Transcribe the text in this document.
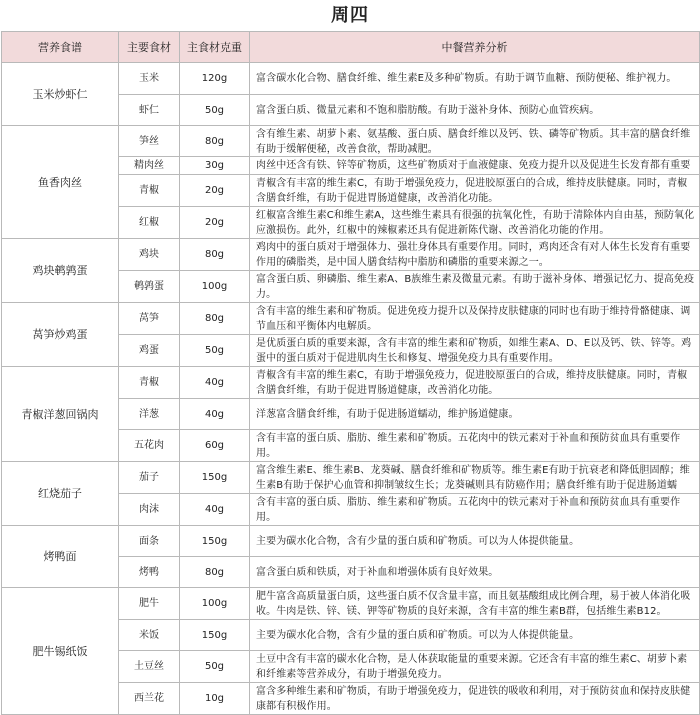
周四
营养食谱	主要食材	主食材克重	中餐营养分析
玉米炒虾仁	玉米	120g	富含碳水化合物、膳食纤维、维生素E及多种矿物质。有助于调节血糖、预防便秘、维护视力。

	虾仁	50g	富含蛋白质、微量元素和不饱和脂肪酸。有助于滋补身体、预防心血管疾病。

鱼香肉丝	笋丝	80g	含有维生素、胡萝卜素、氨基酸、蛋白质、膳食纤维以及钙、铁、磷等矿物质。其丰富的膳食纤维有助于缓解便秘，改善食欲，帮助减肥。

	精肉丝	30g	肉丝中还含有铁、锌等矿物质，这些矿物质对于血液健康、免疫力提升以及促进生长发育都有重要

	青椒	20g	青椒含有丰富的维生素C，有助于增强免疫力，促进胶原蛋白的合成，维持皮肤健康。同时，青椒含膳食纤维，有助于促进胃肠道健康，改善消化功能。

	红椒	20g	红椒富含维生素C和维生素A，这些维生素具有很强的抗氧化性，有助于清除体内自由基，预防氧化应激损伤。此外，红椒中的辣椒素还具有促进新陈代谢、改善消化功能的作用。

鸡块鹌鹑蛋	鸡块	80g	鸡肉中的蛋白质对于增强体力、强壮身体具有重要作用。同时，鸡肉还含有对人体生长发育有重要作用的磷脂类，是中国人膳食结构中脂肪和磷脂的重要来源之一。

	鹌鹑蛋	100g	富含蛋白质、卵磷脂、维生素A、B族维生素及微量元素。有助于滋补身体、增强记忆力、提高免疫力。

莴笋炒鸡蛋	莴笋	80g	含有丰富的维生素和矿物质。促进免疫力提升以及保持皮肤健康的同时也有助于维持骨骼健康、调节血压和平衡体内电解质。

	鸡蛋	50g	是优质蛋白质的重要来源，含有丰富的维生素和矿物质，如维生素A、D、E以及钙、铁、锌等。鸡蛋中的蛋白质对于促进肌肉生长和修复、增强免疫力具有重要作用。

青椒洋葱回锅肉	青椒	40g	青椒含有丰富的维生素C，有助于增强免疫力，促进胶原蛋白的合成，维持皮肤健康。同时，青椒含膳食纤维，有助于促进胃肠道健康，改善消化功能。

	洋葱	40g	洋葱富含膳食纤维，有助于促进肠道蠕动，维护肠道健康。

	五花肉	60g	含有丰富的蛋白质、脂肪、维生素和矿物质。五花肉中的铁元素对于补血和预防贫血具有重要作用。

红烧茄子	茄子	150g	富含维生素E、维生素B、龙葵碱、膳食纤维和矿物质等。维生素E有助于抗衰老和降低胆固醇；维生素B有助于保护心血管和抑制皱纹生长；龙葵碱则具有防癌作用；膳食纤维有助于促进肠道蠕

	肉沫	40g	含有丰富的蛋白质、脂肪、维生素和矿物质。五花肉中的铁元素对于补血和预防贫血具有重要作用。

烤鸭面	面条	150g	主要为碳水化合物，含有少量的蛋白质和矿物质。可以为人体提供能量。

	烤鸭	80g	富含蛋白质和铁质，对于补血和增强体质有良好效果。

肥牛锡纸饭	肥牛	100g	肥牛富含高质量蛋白质，这些蛋白质不仅含量丰富，而且氨基酸组成比例合理，易于被人体消化吸收。牛肉是铁、锌、镁、钾等矿物质的良好来源，含有丰富的维生素B群，包括维生素B12。

	米饭	150g	主要为碳水化合物，含有少量的蛋白质和矿物质。可以为人体提供能量。

	土豆丝	50g	土豆中含有丰富的碳水化合物，是人体获取能量的重要来源。它还含有丰富的维生素C、胡萝卜素和纤维素等营养成分，有助于增强免疫力。

	西兰花	10g	富含多种维生素和矿物质，有助于增强免疫力，促进铁的吸收和利用，对于预防贫血和保持皮肤健康都有积极作用。
